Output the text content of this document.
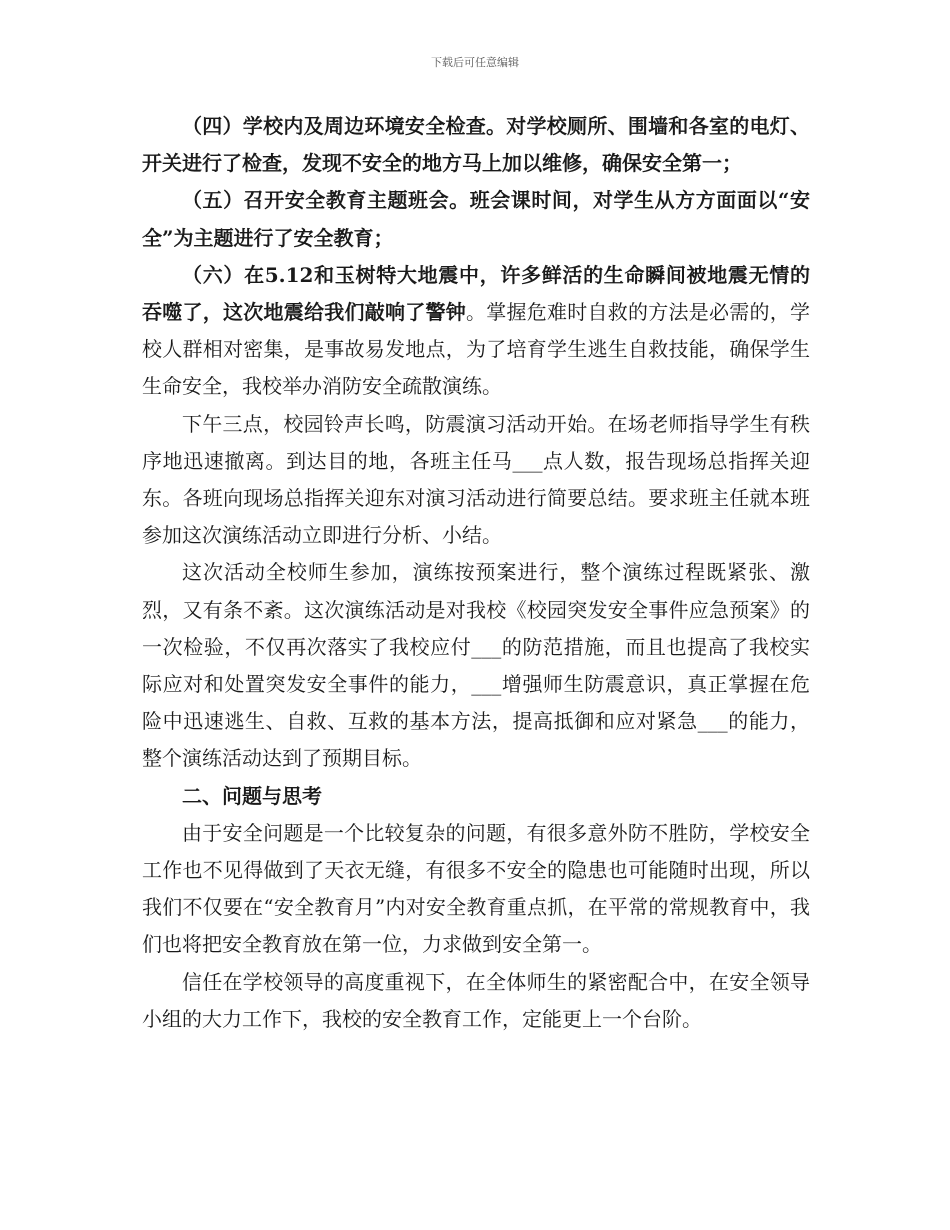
下载后可任意编辑

（四）学校内及周边环境安全检查。对学校厕所、围墙和各室的电灯、开关进行了检查，发现不安全的地方马上加以维修，确保安全第一；

（五）召开安全教育主题班会。班会课时间，对学生从方方面面以“安全”为主题进行了安全教育；

（六）在5.12和玉树特大地震中，许多鲜活的生命瞬间被地震无情的吞噬了，这次地震给我们敲响了警钟。掌握危难时自救的方法是必需的，学校人群相对密集，是事故易发地点，为了培育学生逃生自救技能，确保学生生命安全，我校举办消防安全疏散演练。

下午三点，校园铃声长鸣，防震演习活动开始。在场老师指导学生有秩序地迅速撤离。到达目的地，各班主任马___点人数，报告现场总指挥关迎东。各班向现场总指挥关迎东对演习活动进行简要总结。要求班主任就本班参加这次演练活动立即进行分析、小结。

这次活动全校师生参加，演练按预案进行，整个演练过程既紧张、激烈，又有条不紊。这次演练活动是对我校《校园突发安全事件应急预案》的一次检验，不仅再次落实了我校应付___的防范措施，而且也提高了我校实际应对和处置突发安全事件的能力，___增强师生防震意识，真正掌握在危险中迅速逃生、自救、互救的基本方法，提高抵御和应对紧急___的能力，整个演练活动达到了预期目标。

二、问题与思考

由于安全问题是一个比较复杂的问题，有很多意外防不胜防，学校安全工作也不见得做到了天衣无缝，有很多不安全的隐患也可能随时出现，所以我们不仅要在“安全教育月”内对安全教育重点抓，在平常的常规教育中，我们也将把安全教育放在第一位，力求做到安全第一。

信任在学校领导的高度重视下，在全体师生的紧密配合中，在安全领导小组的大力工作下，我校的安全教育工作，定能更上一个台阶。
